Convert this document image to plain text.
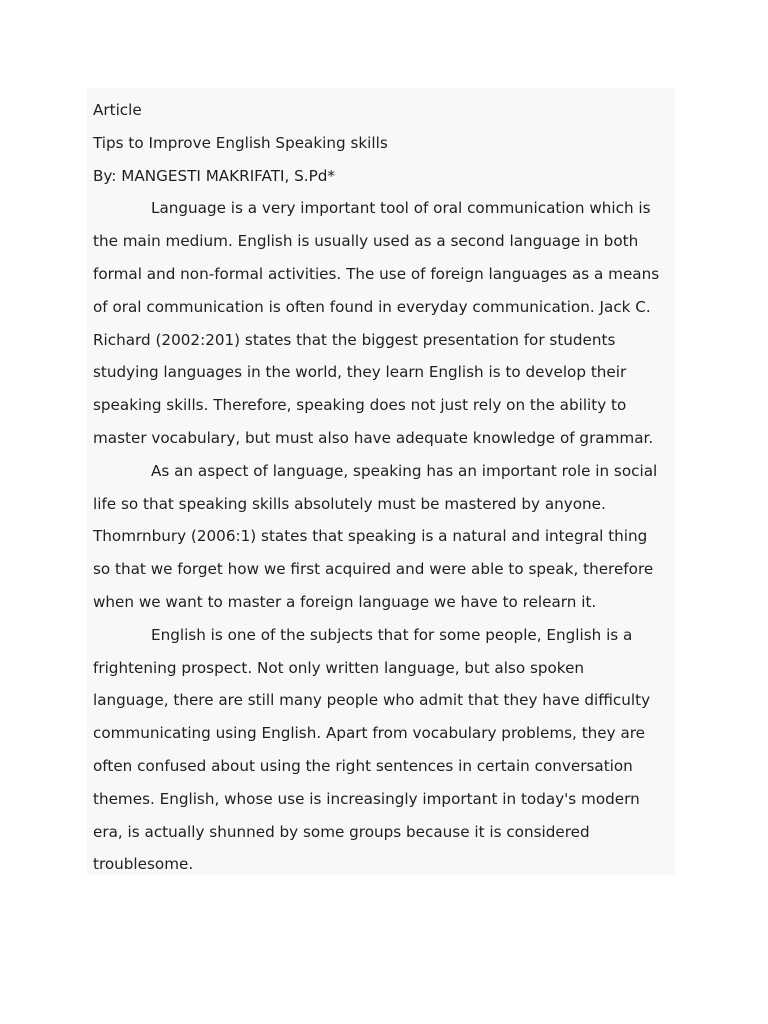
Article

Tips to Improve English Speaking skills

By: MANGESTI MAKRIFATI, S.Pd*

Language is a very important tool of oral communication which is

the main medium. English is usually used as a second language in both

formal and non-formal activities. The use of foreign languages as a means

of oral communication is often found in everyday communication. Jack C.

Richard (2002:201) states that the biggest presentation for students

studying languages in the world, they learn English is to develop their

speaking skills. Therefore, speaking does not just rely on the ability to

master vocabulary, but must also have adequate knowledge of grammar.

As an aspect of language, speaking has an important role in social

life so that speaking skills absolutely must be mastered by anyone.

Thomrnbury (2006:1) states that speaking is a natural and integral thing

so that we forget how we first acquired and were able to speak, therefore

when we want to master a foreign language we have to relearn it.

English is one of the subjects that for some people, English is a

frightening prospect. Not only written language, but also spoken

language, there are still many people who admit that they have difficulty

communicating using English. Apart from vocabulary problems, they are

often confused about using the right sentences in certain conversation

themes. English, whose use is increasingly important in today's modern

era, is actually shunned by some groups because it is considered

troublesome.
